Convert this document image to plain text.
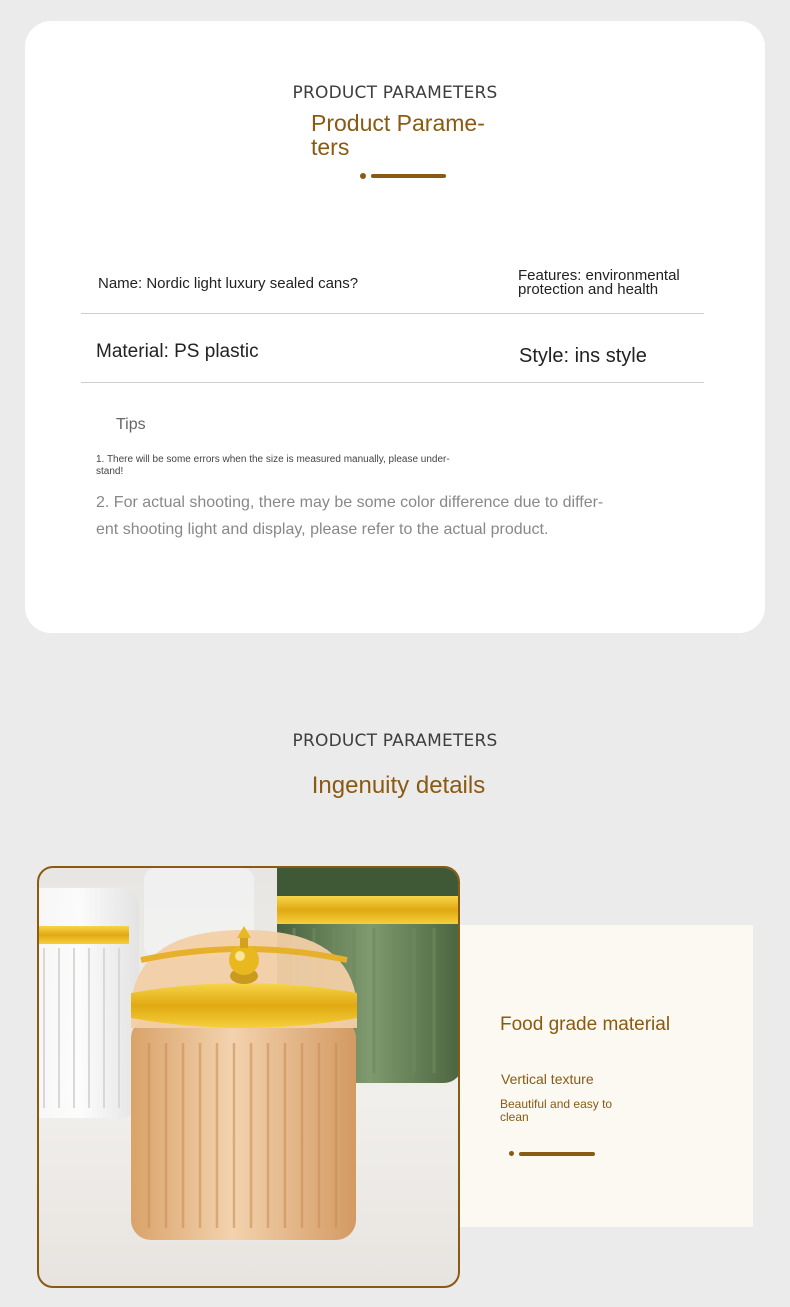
PRODUCT PARAMETERS
Product Parame-
ters
Name: Nordic light luxury sealed cans?	Features: environmental
protection and health
Material: PS plastic	Style: ins style
Tips
1. There will be some errors when the size is measured manually, please under-
stand!
2. For actual shooting, there may be some color difference due to differ-
ent shooting light and display, please refer to the actual product.
PRODUCT PARAMETERS
Ingenuity details
Food grade material
Vertical texture
Beautiful and easy to
clean
